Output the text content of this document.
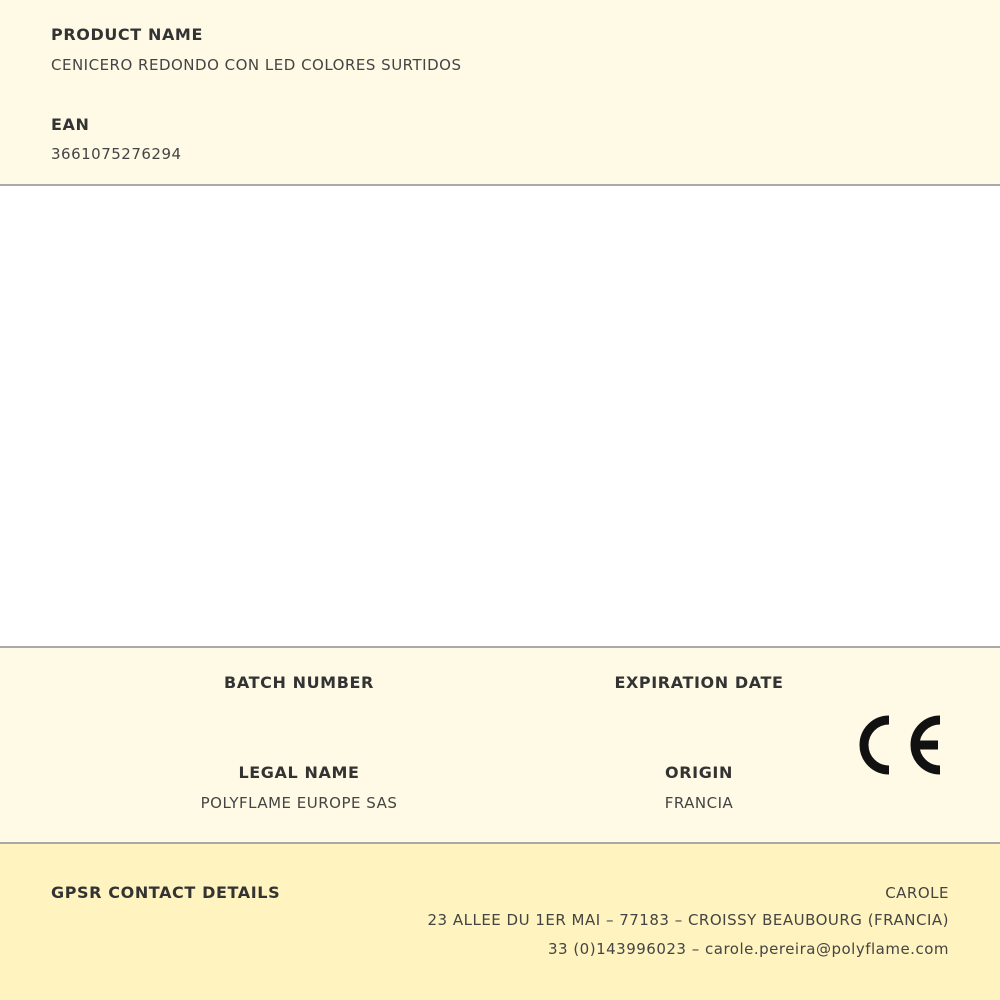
PRODUCT NAME
CENICERO REDONDO CON LED COLORES SURTIDOS
EAN
3661075276294
BATCH NUMBER	EXPIRATION DATE
LEGAL NAME
POLYFLAME EUROPE SAS
ORIGIN
FRANCIA
GPSR CONTACT DETAILS	CAROLE
23 ALLEE DU 1ER MAI – 77183 – CROISSY BEAUBOURG (FRANCIA)
33 (0)143996023 – carole.pereira@polyflame.com
